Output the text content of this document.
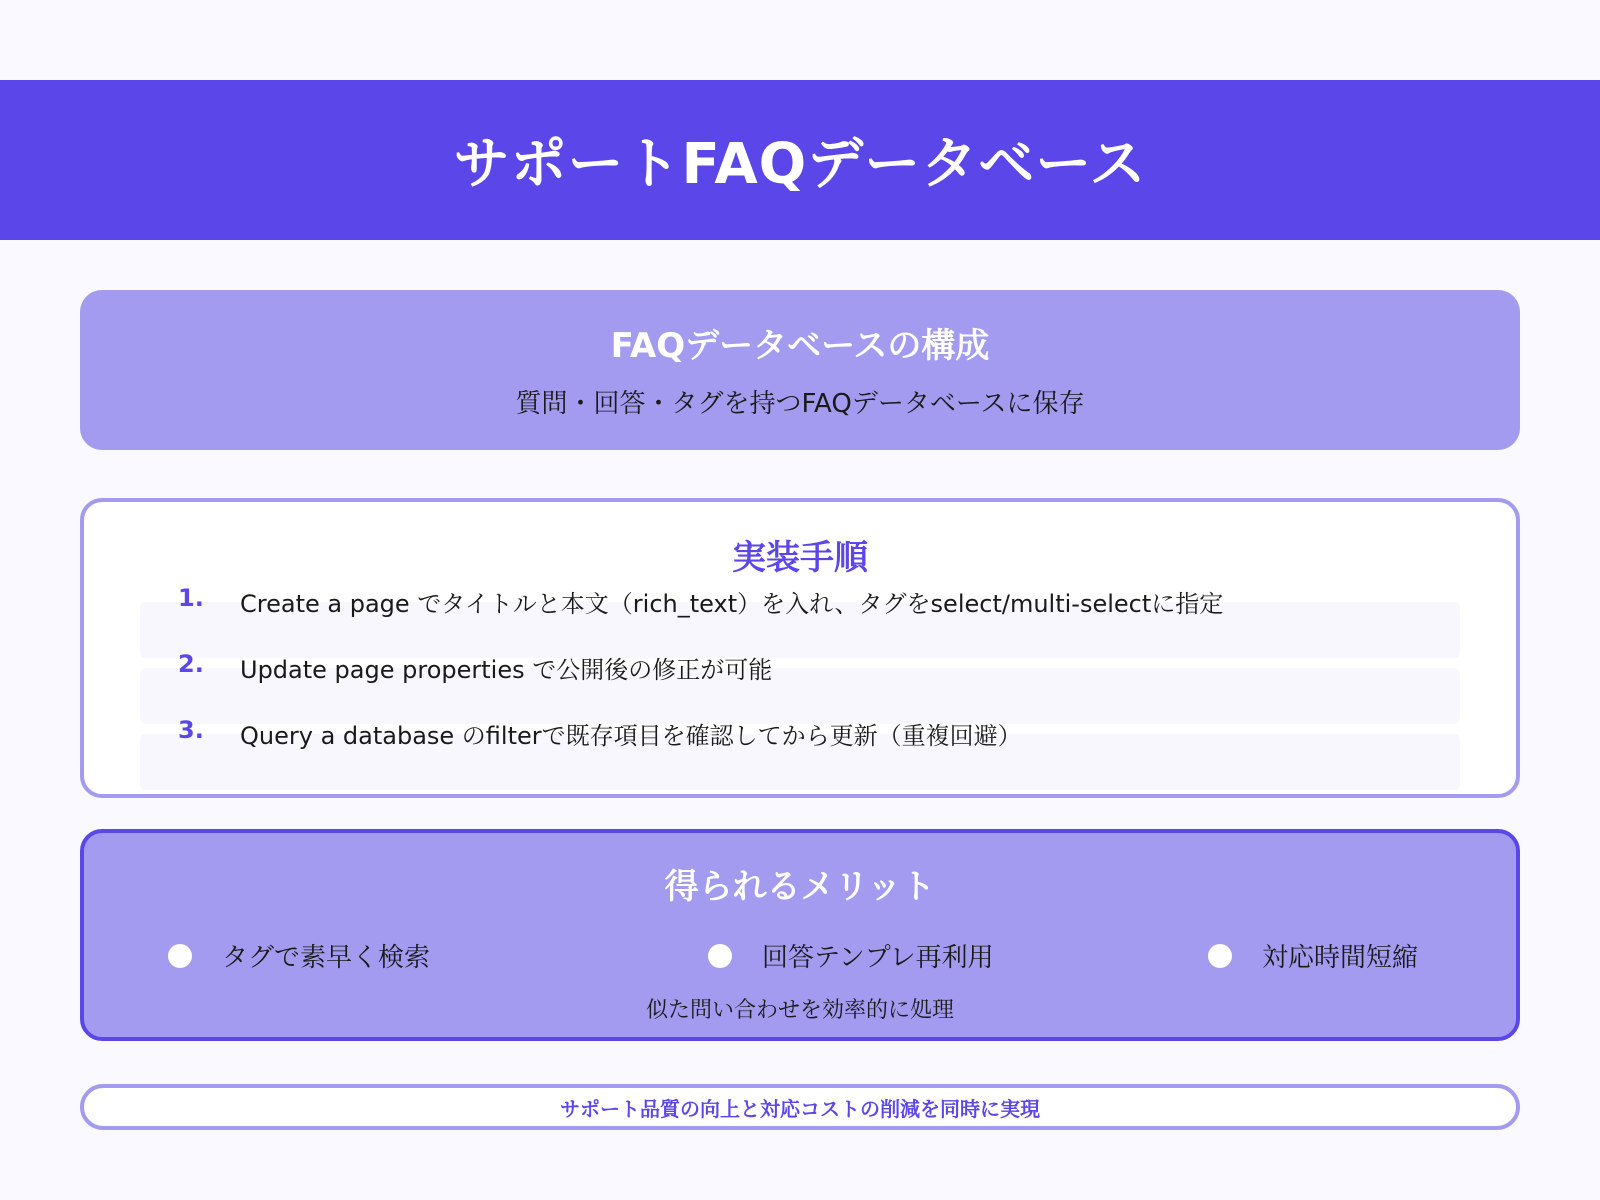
サポートFAQデータベース
FAQデータベースの構成
質問・回答・タグを持つFAQデータベースに保存
実装手順
1. Create a page でタイトルと本文（rich_text）を入れ、タグをselect/multi-selectに指定
2. Update page properties で公開後の修正が可能
3. Query a database のfilterで既存項目を確認してから更新（重複回避）
得られるメリット
タグで素早く検索	回答テンプレ再利用	対応時間短縮
似た問い合わせを効率的に処理
サポート品質の向上と対応コストの削減を同時に実現
